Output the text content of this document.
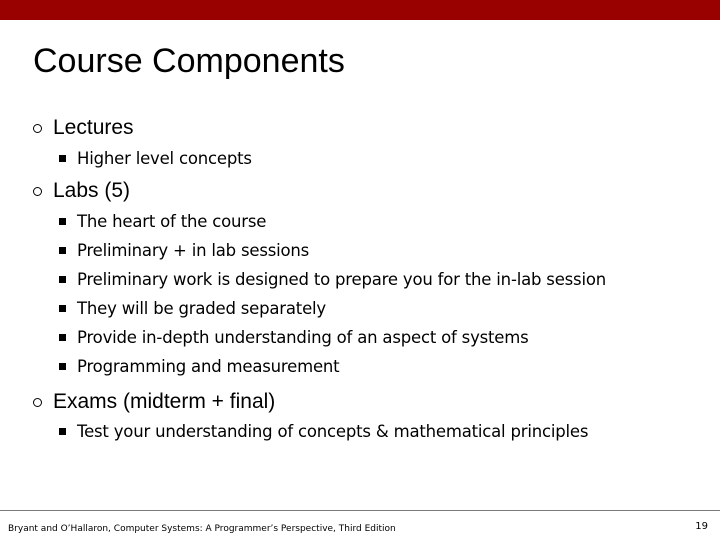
Course Components
Lectures
Higher level concepts
Labs (5)
The heart of the course
Preliminary + in lab sessions
Preliminary work is designed to prepare you for the in-lab session
They will be graded separately
Provide in-depth understanding of an aspect of systems
Programming and measurement
Exams (midterm + final)
Test your understanding of concepts & mathematical principles
Bryant and O’Hallaron, Computer Systems: A Programmer’s Perspective, Third Edition	19
